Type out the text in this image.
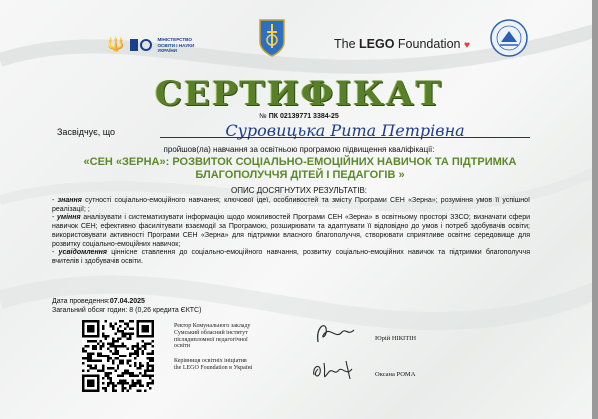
🔱	МІНІСТЕРСТВО
ОСВІТИ І НАУКИ
УКРАЇНИ	The LEGO Foundation ♥
СЕРТИФІКАТ
№ ПК 02139771 3384-25
Засвідчує, що	Суровицька Рита Петрівна
пройшов(ла) навчання за освітньою програмою підвищення кваліфікації:
«СЕН «ЗЕРНА»: РОЗВИТОК СОЦІАЛЬНО-ЕМОЦІЙНИХ НАВИЧОК ТА ПІДТРИМКА БЛАГОПОЛУЧЧЯ ДІТЕЙ І ПЕДАГОГІВ »
ОПИС ДОСЯГНУТИХ РЕЗУЛЬТАТІВ:

- знання сутності соціально-емоційного навчання; ключової ідеї, особливостей та змісту Програми СЕН «Зерна»; розуміння умов її успішної реалізації; ;

- уміння аналізувати і систематизувати інформацію щодо можливостей Програми СЕН «Зерна» в освітньому просторі ЗЗСО; визначати сфери навичок СЕН; ефективно фасилітувати взаємодії за Програмою, розширювати та адаптувати її відповідно до умов і потреб здобувачів освіти; використовувати активності Програми СЕН «Зерна» для підтримки власного благополуччя, створювати сприятливе освітнє середовище для розвитку соціально-емоційних навичок;

- усвідомлення ціннісне ставлення до соціально-емоційного навчання, розвитку соціально-емоційних навичок та підтримки благополуччя вчителів і здобувачів освіти.

Дата проведення:07.04.2025
Загальний обсяг годин: 8 (0,26 кредита ЄКТС)
Ректор Комунального закладу
Сумський обласний інститут
післядипломної педагогічної
освіти
Юрій НІКІТІН
Керівниця освітніх ініціатив
the LEGO Foundation в Україні
Оксана РОМА
